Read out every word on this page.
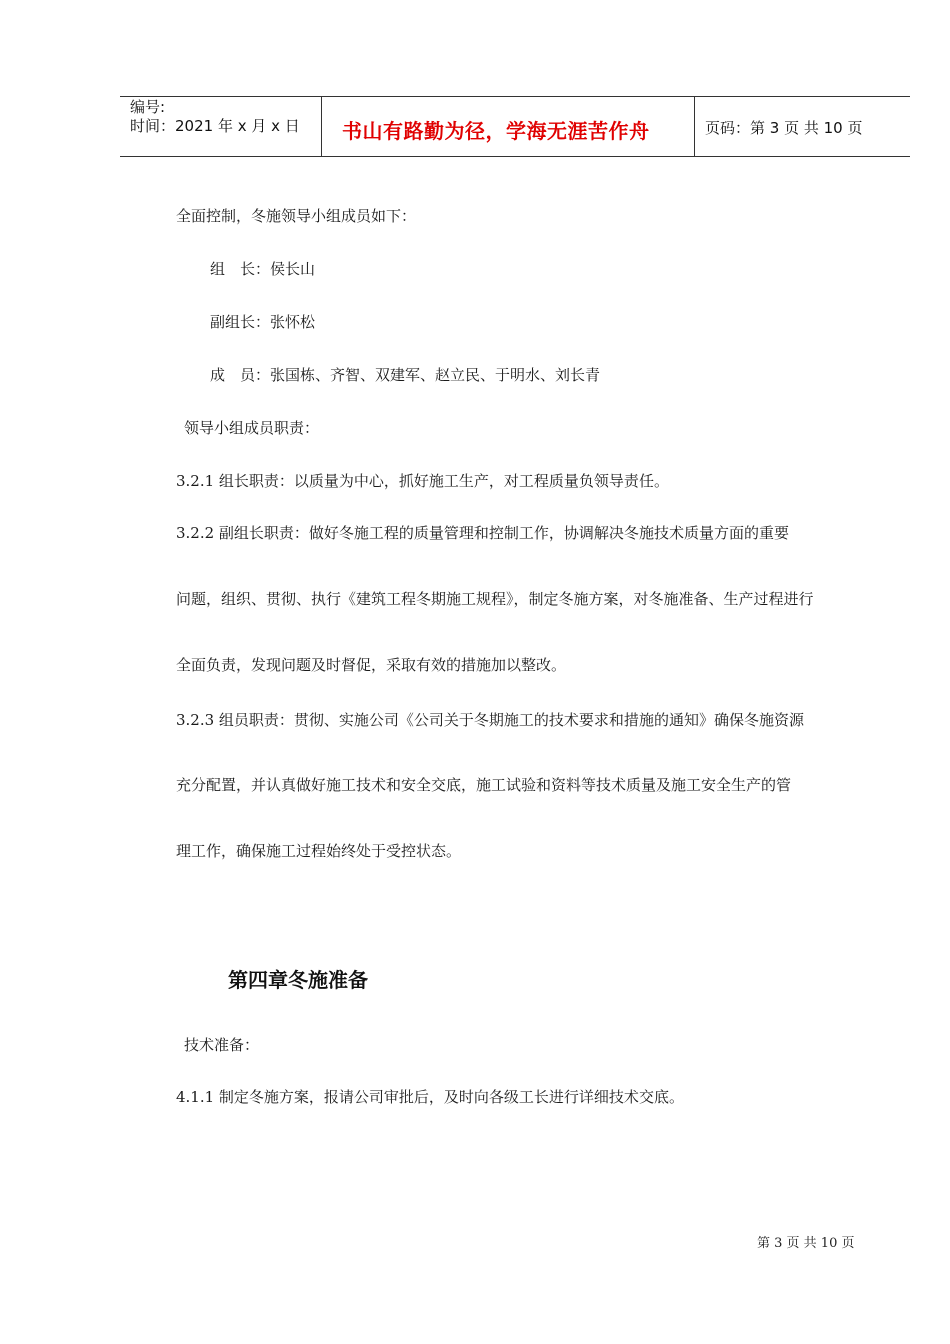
编号:
时间：2021 年 x 月 x 日 书山有路勤为径，学海无涯苦作舟	页码：第 3 页 共 10 页
全面控制，冬施领导小组成员如下：
组　长：侯长山
副组长：张怀松
成　员：张国栋、齐智、双建军、赵立民、于明水、刘长青
领导小组成员职责：
3.2.1 组长职责：以质量为中心，抓好施工生产，对工程质量负领导责任。
3.2.2 副组长职责：做好冬施工程的质量管理和控制工作，协调解决冬施技术质量方面的重要
问题，组织、贯彻、执行《建筑工程冬期施工规程》，制定冬施方案，对冬施准备、生产过程进行
全面负责，发现问题及时督促，采取有效的措施加以整改。
3.2.3 组员职责：贯彻、实施公司《公司关于冬期施工的技术要求和措施的通知》确保冬施资源
充分配置，并认真做好施工技术和安全交底，施工试验和资料等技术质量及施工安全生产的管
理工作，确保施工过程始终处于受控状态。
第四章冬施准备
技术准备：
4.1.1 制定冬施方案，报请公司审批后，及时向各级工长进行详细技术交底。
第 3 页 共 10 页
